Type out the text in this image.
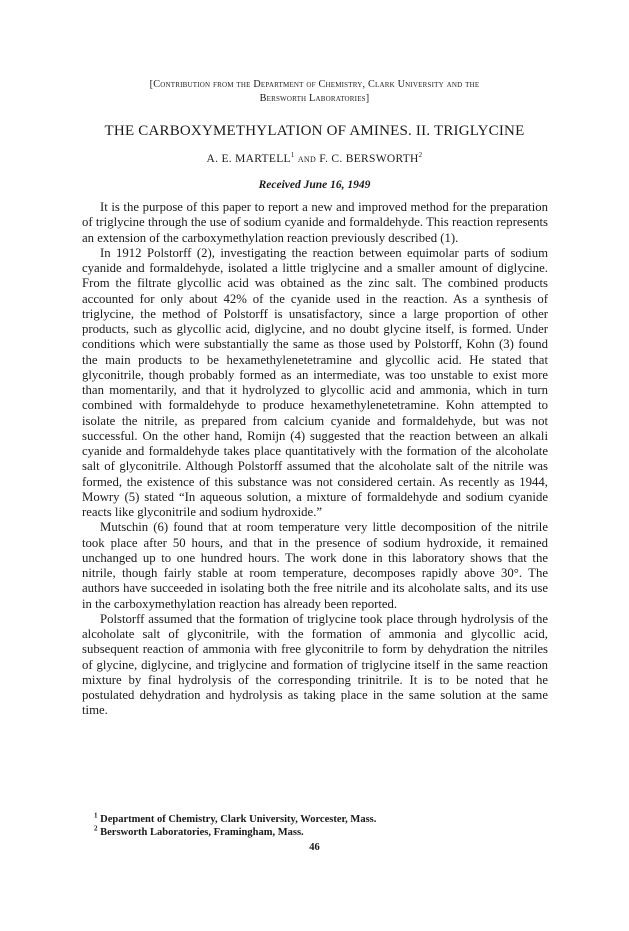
[Contribution from the Department of Chemistry, Clark University and the
Bersworth Laboratories]
THE CARBOXYMETHYLATION OF AMINES. II. TRIGLYCINE
A. E. MARTELL$^1$ and F. C. BERSWORTH$^2$
Received June 16, 1949

It is the purpose of this paper to report a new and improved method for the preparation of triglycine through the use of sodium cyanide and formaldehyde. This reaction represents an extension of the carboxymethylation reaction previously described (1).

In 1912 Polstorff (2), investigating the reaction between equimolar parts of sodium cyanide and formaldehyde, isolated a little triglycine and a smaller amount of diglycine. From the filtrate glycollic acid was obtained as the zinc salt. The combined products accounted for only about 42% of the cyanide used in the reaction. As a synthesis of triglycine, the method of Polstorff is unsatisfactory, since a large proportion of other products, such as glycollic acid, diglycine, and no doubt glycine itself, is formed. Under conditions which were substantially the same as those used by Polstorff, Kohn (3) found the main products to be hexamethylenetetramine and glycollic acid. He stated that glyconitrile, though probably formed as an intermediate, was too unstable to exist more than momentarily, and that it hydrolyzed to glycollic acid and ammonia, which in turn combined with formaldehyde to produce hexamethylenetetramine. Kohn attempted to isolate the nitrile, as prepared from calcium cyanide and formaldehyde, but was not successful. On the other hand, Romijn (4) suggested that the reaction between an alkali cyanide and formaldehyde takes place quantitatively with the formation of the alcoholate salt of glyconitrile. Although Polstorff assumed that the alcoholate salt of the nitrile was formed, the existence of this substance was not considered certain. As recently as 1944, Mowry (5) stated “In aqueous solution, a mixture of formaldehyde and sodium cyanide reacts like glyconitrile and sodium hydroxide.”

Mutschin (6) found that at room temperature very little decomposition of the nitrile took place after 50 hours, and that in the presence of sodium hydroxide, it remained unchanged up to one hundred hours. The work done in this laboratory shows that the nitrile, though fairly stable at room temperature, decomposes rapidly above 30°. The authors have succeeded in isolating both the free nitrile and its alcoholate salts, and its use in the carboxymethylation reaction has already been reported.

Polstorff assumed that the formation of triglycine took place through hydrolysis of the alcoholate salt of glyconitrile, with the formation of ammonia and glycollic acid, subsequent reaction of ammonia with free glyconitrile to form by dehydration the nitriles of glycine, diglycine, and triglycine and formation of triglycine itself in the same reaction mixture by final hydrolysis of the corresponding trinitrile. It is to be noted that he postulated dehydration and hydrolysis as taking place in the same solution at the same time.

$^1$ Department of Chemistry, Clark University, Worcester, Mass.

$^2$ Bersworth Laboratories, Framingham, Mass.

46
